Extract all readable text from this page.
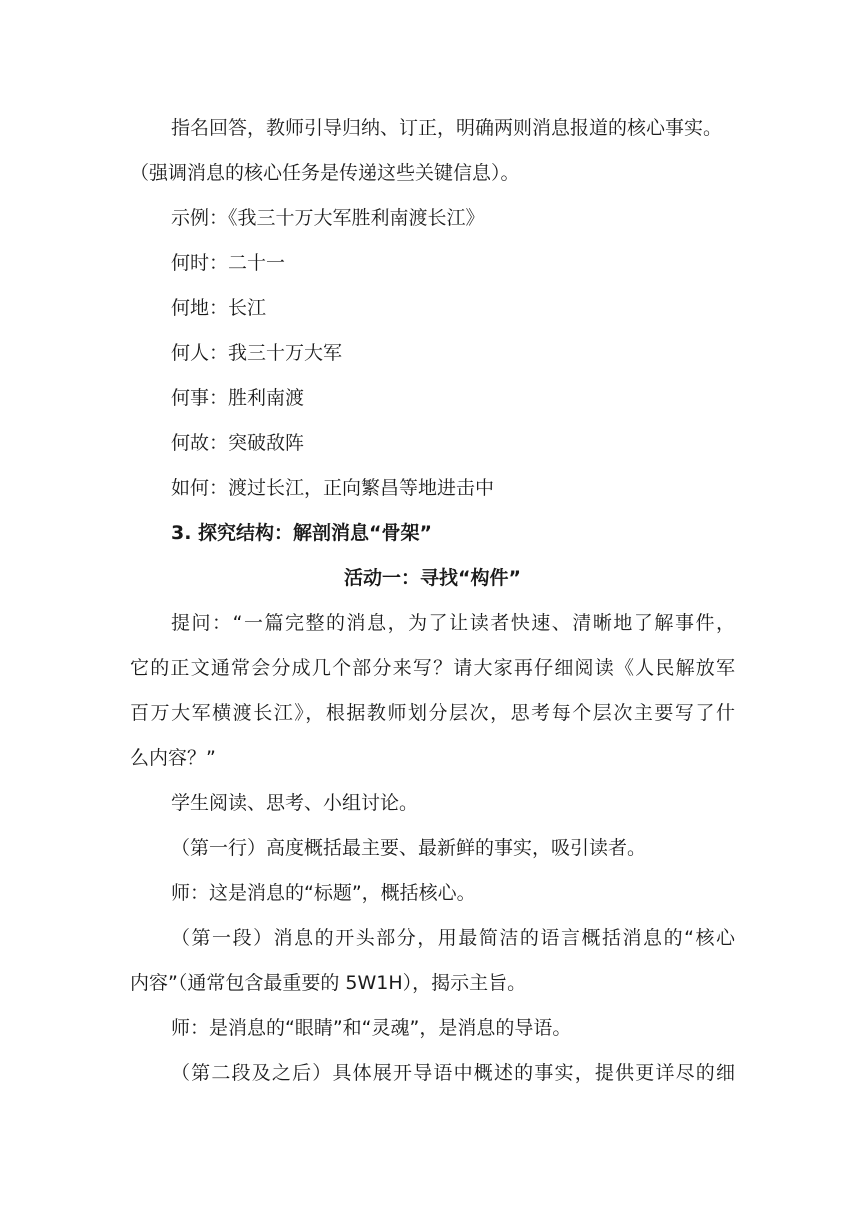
指名回答，教师引导归纳、订正，明确两则消息报道的核心事实。

（强调消息的核心任务是传递这些关键信息）。

示例：《我三十万大军胜利南渡长江》

何时：二十一

何地：长江

何人：我三十万大军

何事：胜利南渡

何故：突破敌阵

如何：渡过长江，正向繁昌等地进击中

3. 探究结构：解剖消息“骨架”

活动一：寻找“构件”

提问：“一篇完整的消息，为了让读者快速、清晰地了解事件，

它的正文通常会分成几个部分来写？请大家再仔细阅读《人民解放军

百万大军横渡长江》，根据教师划分层次，思考每个层次主要写了什

么内容？”

学生阅读、思考、小组讨论。

（第一行）高度概括最主要、最新鲜的事实，吸引读者。

师：这是消息的“标题”，概括核心。

（第一段）消息的开头部分，用最简洁的语言概括消息的“核心

内容”（通常包含最重要的 5W1H），揭示主旨。

师：是消息的“眼睛”和“灵魂”，是消息的导语。

（第二段及之后）具体展开导语中概述的事实，提供更详尽的细
